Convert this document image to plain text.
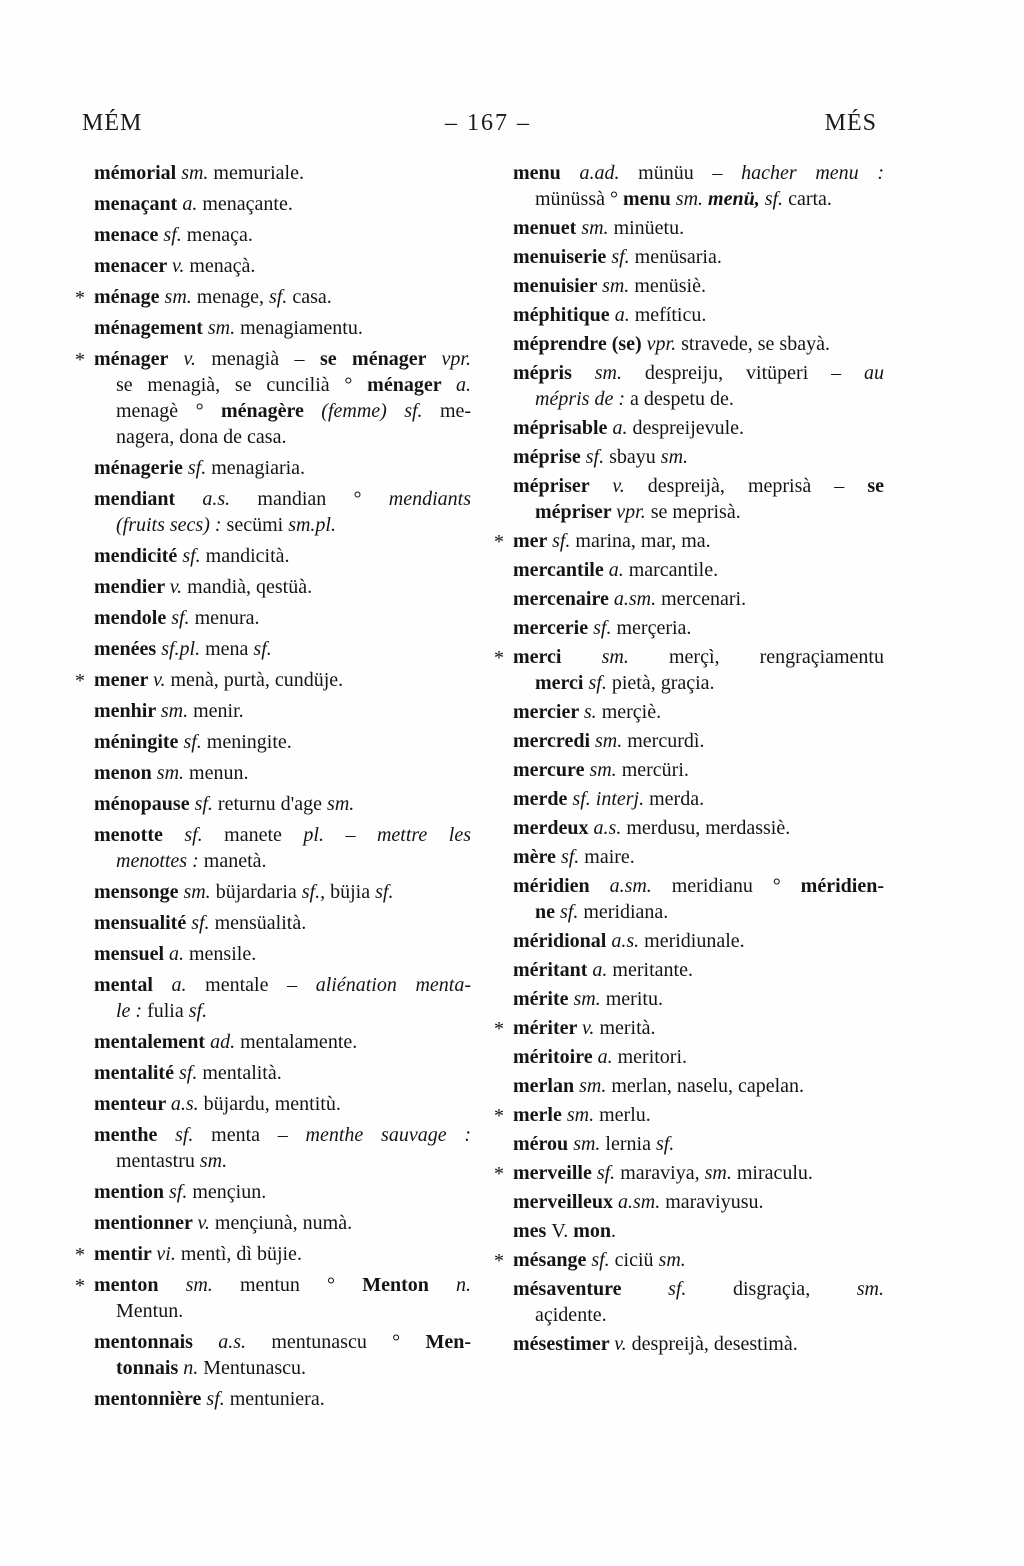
MÉM	– 167 –	MÉS
mémorial sm. memuriale.
menaçant a. menaçante.
menace sf. menaça.
menacer v. menaçà.
* ménage sm. menage, sf. casa.
ménagement sm. menagiamentu.
* ménager v. menagià – se ménager vpr.
se menagià, se cuncilià ° ménager a.
menagè ° ménagère (femme) sf. me-
nagera, dona de casa.
ménagerie sf. menagiaria.
mendiant a.s. mandian ° mendiants
(fruits secs) : secümi sm.pl.
mendicité sf. mandicità.
mendier v. mandià, qestüà.
mendole sf. menura.
menées sf.pl. mena sf.
* mener v. menà, purtà, cundüje.
menhir sm. menir.
méningite sf. meningite.
menon sm. menun.
ménopause sf. returnu d'age sm.
menotte sf. manete pl. – mettre les
menottes : manetà.
mensonge sm. büjardaria sf., büjia sf.
mensualité sf. mensüalità.
mensuel a. mensile.
mental a. mentale – aliénation menta-
le : fulia sf.
mentalement ad. mentalamente.
mentalité sf. mentalità.
menteur a.s. büjardu, mentitù.
menthe sf. menta – menthe sauvage :
mentastru sm.
mention sf. mençiun.
mentionner v. mençiunà, numà.
* mentir vi. mentì, dì büjie.
* menton sm. mentun ° Menton n.
Mentun.
mentonnais a.s. mentunascu ° Men-
tonnais n. Mentunascu.
mentonnière sf. mentuniera.
menu a.ad. münüu – hacher menu :
münüssà ° menu sm. menü, sf. carta.
menuet sm. minüetu.
menuiserie sf. menüsaria.
menuisier sm. menüsiè.
méphitique a. mefíticu.
méprendre (se) vpr. stravede, se sbayà.
mépris sm. despreiju, vitüperi – au
mépris de : a despetu de.
méprisable a. despreijevule.
méprise sf. sbayu sm.
mépriser v. despreijà, meprisà – se
mépriser vpr. se meprisà.
* mer sf. marina, mar, ma.
mercantile a. marcantile.
mercenaire a.sm. mercenari.
mercerie sf. merçeria.
* merci sm. merçì, rengraçiamentu
merci sf. pietà, graçia.
mercier s. merçiè.
mercredi sm. mercurdì.
mercure sm. mercüri.
merde sf. interj. merda.
merdeux a.s. merdusu, merdassiè.
mère sf. maire.
méridien a.sm. meridianu ° méridien-
ne sf. meridiana.
méridional a.s. meridiunale.
méritant a. meritante.
mérite sm. meritu.
* mériter v. merità.
méritoire a. meritori.
merlan sm. merlan, naselu, capelan.
* merle sm. merlu.
mérou sm. lernia sf.
* merveille sf. maraviya, sm. miraculu.
merveilleux a.sm. maraviyusu.
mes V. mon.
* mésange sf. ciciü sm.
mésaventure sf. disgraçia, sm.
açidente.
mésestimer v. despreijà, desestimà.
